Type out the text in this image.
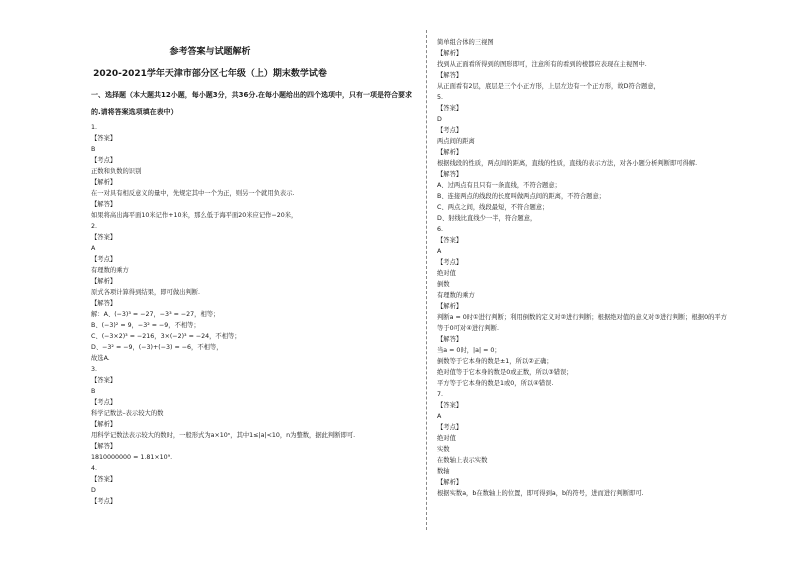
参考答案与试题解析
2020-2021学年天津市部分区七年级（上）期末数学试卷
一、选择题（本大题共12小题，每小题3分，共36分.在每小题给出的四个选项中，只有一项是符合要求
的.请将答案选项填在表中）
1.
【答案】
B
【考点】
正数和负数的识别
【解析】
在一对具有相反意义的量中，先规定其中一个为正，则另一个就用负表示.
【解答】
如果将高出海平面10米记作+10米，那么低于海平面20米应记作−20米，
2.
【答案】
A
【考点】
有理数的乘方
【解析】
原式各项计算得到结果，即可做出判断.
【解答】
解：A、(−3)³ = −27，−3³ = −27，相等；
B、(−3)² = 9，−3² = −9，不相等；
C、(−3×2)³ = −216，3×(−2)³ = −24，不相等；
D、−3² = −9，(−3)+(−3) = −6，不相等，
故选A.
3.
【答案】
B
【考点】
科学记数法–表示较大的数
【解析】
用科学记数法表示较大的数时，一般形式为a×10ⁿ，其中1≤|a|<10，n为整数，据此判断即可.
【解答】
1810000000 = 1.81×10⁹.
4.
【答案】
D
【考点】
简单组合体的三视图
【解析】
找到从正面看所得到的图形即可，注意所有的看到的棱都应表现在主视图中.
【解答】
从正面看有2层，底层是三个小正方形，上层左边有一个正方形，故D符合题意，
5.
【答案】
D
【考点】
两点间的距离
【解析】
根据线段的性质，两点间的距离，直线的性质，直线的表示方法，对各小题分析判断即可得解.
【解答】
A、过两点有且只有一条直线，不符合题意；
B、连接两点的线段的长度叫做两点间的距离，不符合题意；
C、两点之间，线段最短，不符合题意；
D、射线比直线少一半，符合题意，
6.
【答案】
A
【考点】
绝对值
倒数
有理数的乘方
【解析】
判断a = 0时①进行判断；利用倒数的定义对②进行判断；根据绝对值的意义对③进行判断；根据0的平方
等于0可对④进行判断.
【解答】
当a = 0时，|a| = 0；
倒数等于它本身的数是±1，所以②正确；
绝对值等于它本身的数是0或正数，所以③错误；
平方等于它本身的数是1或0，所以④错误.
7.
【答案】
A
【考点】
绝对值
实数
在数轴上表示实数
数轴
【解析】
根据实数a，b在数轴上的位置，即可得到a，b的符号，进而进行判断即可.
